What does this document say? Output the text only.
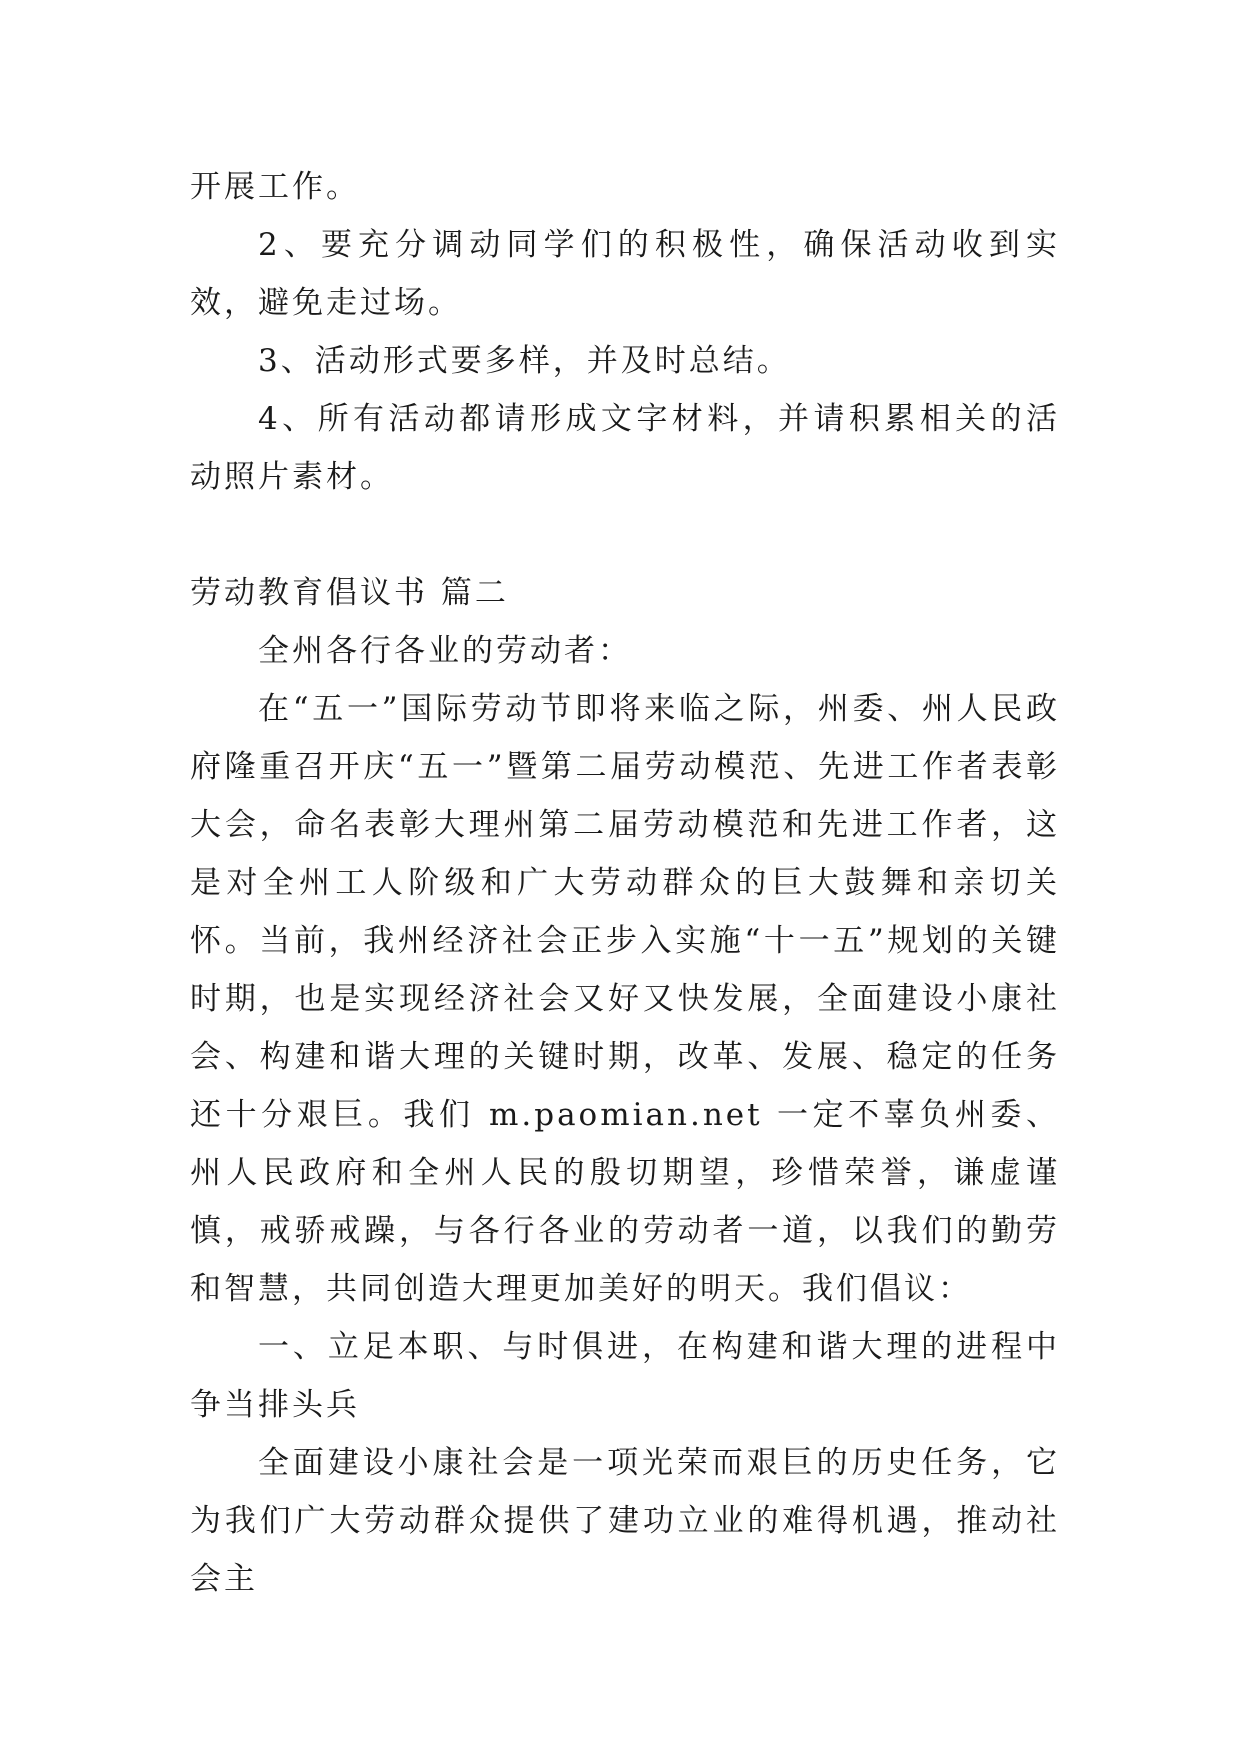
开展工作。

2、要充分调动同学们的积极性，确保活动收到实效，避免走过场。

3、活动形式要多样，并及时总结。

4、所有活动都请形成文字材料，并请积累相关的活动照片素材。

劳动教育倡议书 篇二

全州各行各业的劳动者：

在“五一”国际劳动节即将来临之际，州委、州人民政府隆重召开庆“五一”暨第二届劳动模范、先进工作者表彰大会，命名表彰大理州第二届劳动模范和先进工作者，这是对全州工人阶级和广大劳动群众的巨大鼓舞和亲切关怀。当前，我州经济社会正步入实施“十一五”规划的关键时期，也是实现经济社会又好又快发展，全面建设小康社会、构建和谐大理的关键时期，改革、发展、稳定的任务还十分艰巨。我们 m.paomian.net 一定不辜负州委、州人民政府和全州人民的殷切期望，珍惜荣誉，谦虚谨慎，戒骄戒躁，与各行各业的劳动者一道，以我们的勤劳和智慧，共同创造大理更加美好的明天。我们倡议：

一、立足本职、与时俱进，在构建和谐大理的进程中争当排头兵

全面建设小康社会是一项光荣而艰巨的历史任务，它为我们广大劳动群众提供了建功立业的难得机遇，推动社会主
